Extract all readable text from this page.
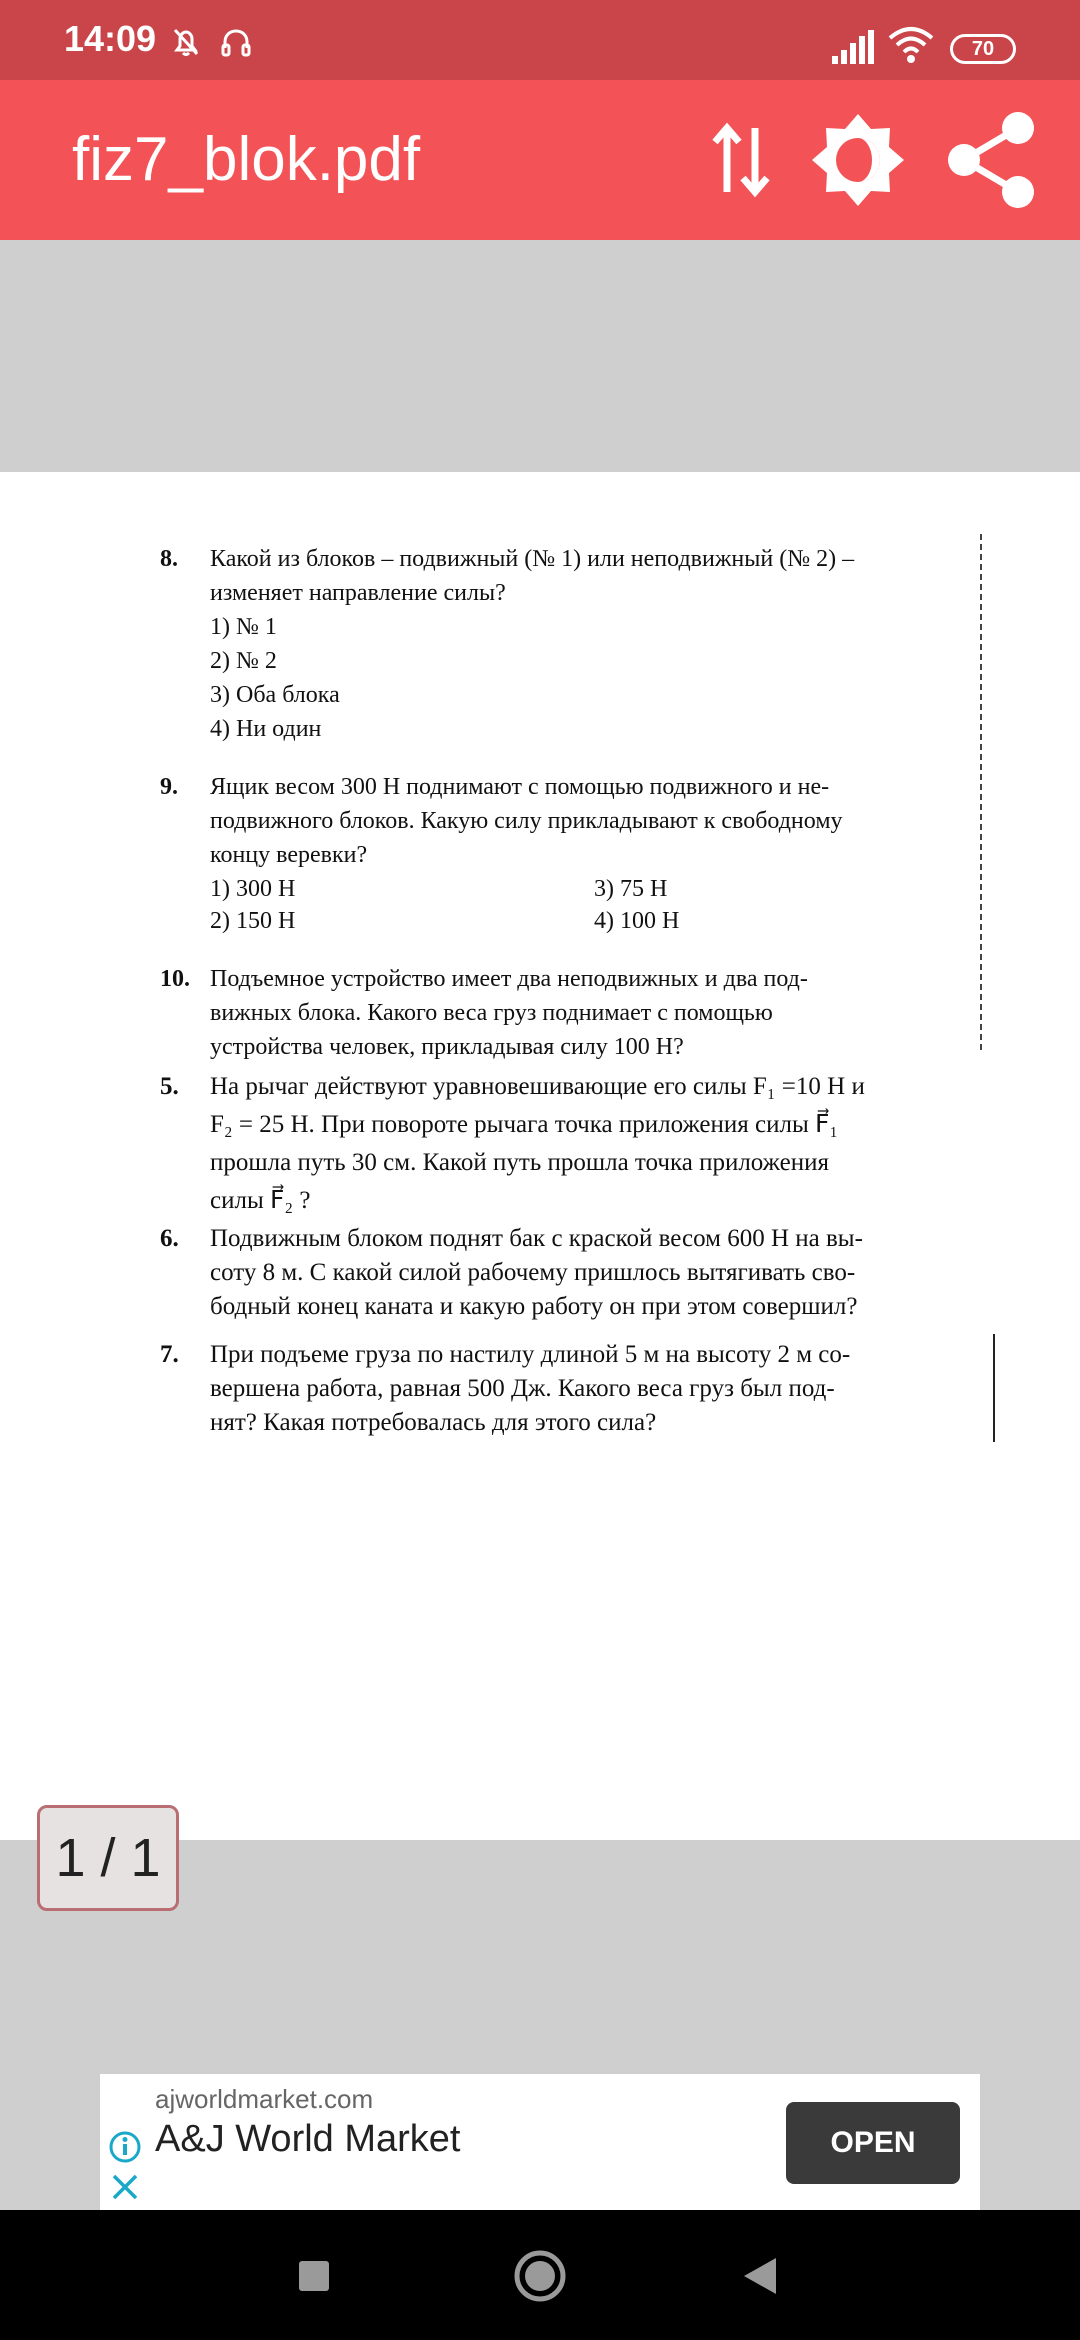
14:09	70
fiz7_blok.pdf
8. Какой из блоков – подвижный (№ 1) или неподвижный (№ 2) –
изменяет направление силы?
1) № 1
2) № 2
3) Оба блока
4) Ни один
9. Ящик весом 300 Н поднимают с помощью подвижного и не-
подвижного блоков. Какую силу прикладывают к свободному
концу веревки?
1) 300 Н	3) 75 Н
2) 150 Н	4) 100 Н
10. Подъемное устройство имеет два неподвижных и два под-
вижных блока. Какого веса груз поднимает с помощью
устройства человек, прикладывая силу 100 Н?
5. На рычаг действуют уравновешивающие его силы F₁ =10 Н и
F₂ = 25 Н. При повороте рычага точка приложения силы F⃗₁
прошла путь 30 см. Какой путь прошла точка приложения
силы F⃗₂ ?
6. Подвижным блоком поднят бак с краской весом 600 Н на вы-
соту 8 м. С какой силой рабочему пришлось вытягивать сво-
бодный конец каната и какую работу он при этом совершил?
7. При подъеме груза по настилу длиной 5 м на высоту 2 м со-
вершена работа, равная 500 Дж. Какого веса груз был под-
нят? Какая потребовалась для этого сила?
1 / 1
ajworldmarket.com
A&J World Market	OPEN
